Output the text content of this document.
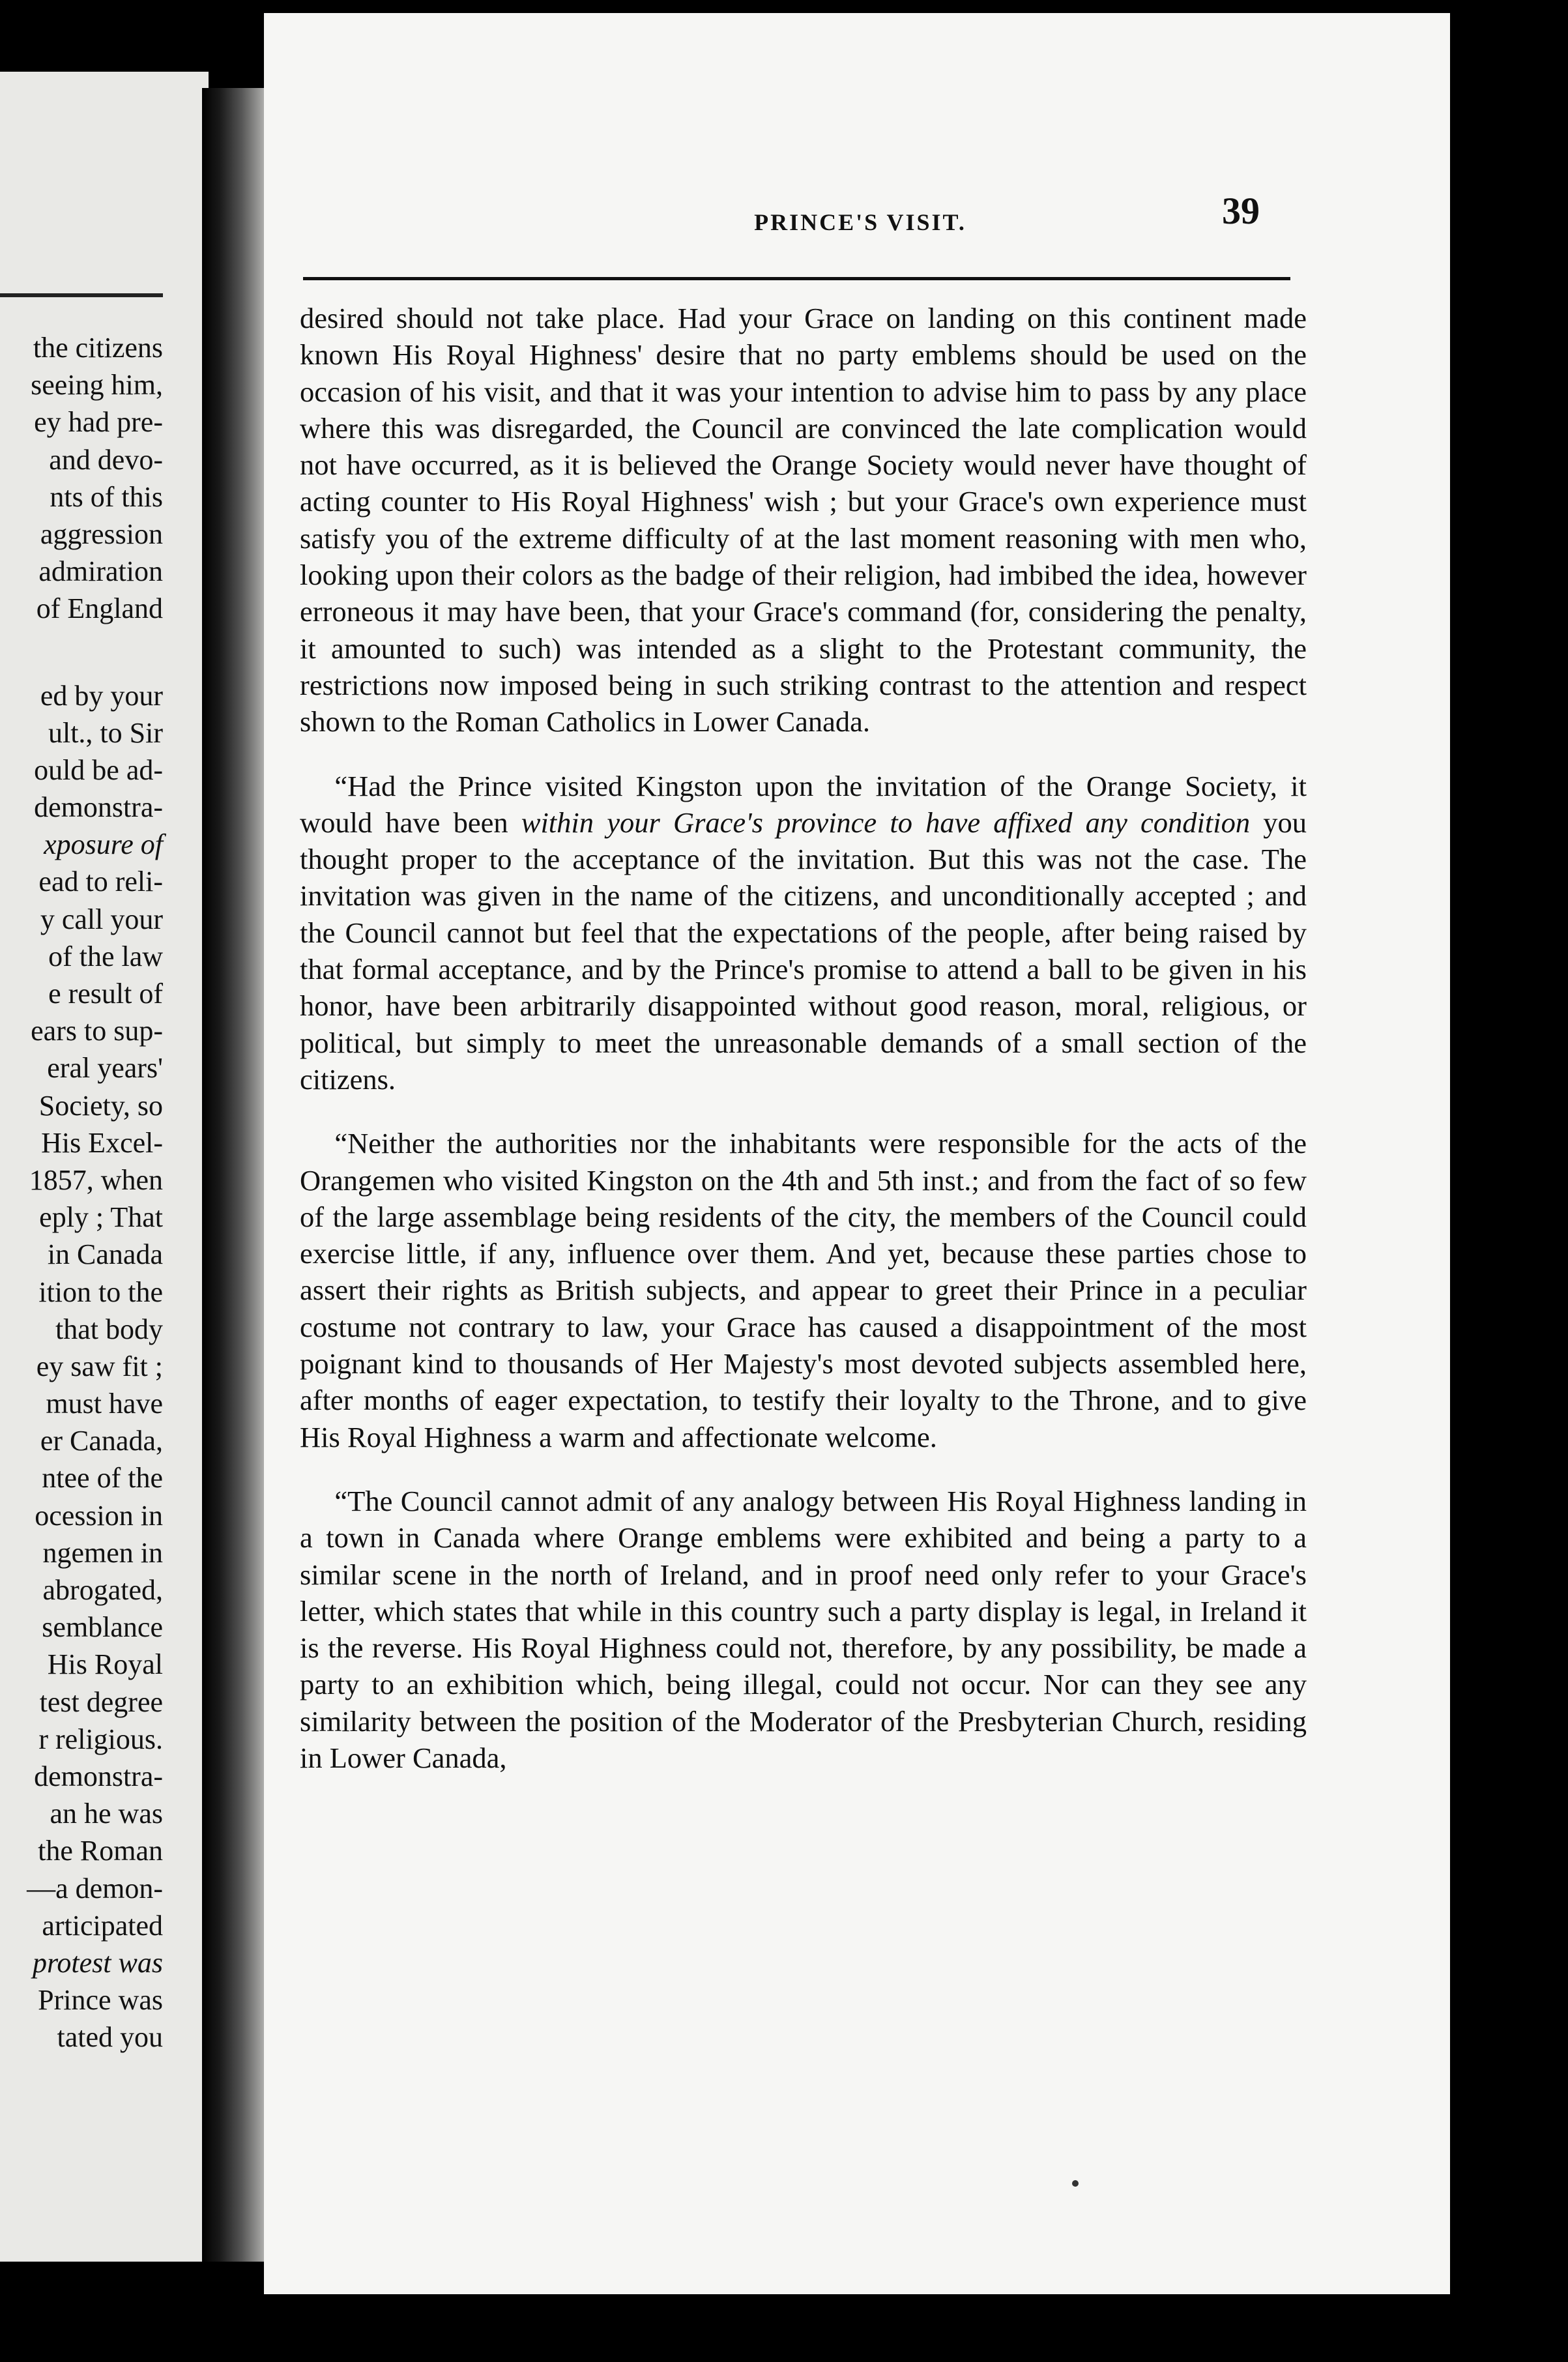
the citizens
seeing him,
ey had pre-
and devo-
nts of this
aggression
admiration
of England
ed by your
ult., to Sir
ould be ad-
demonstra-
xposure of
ead to reli-
y call your
of the law
e result of
ears to sup-
eral years'
Society, so
His Excel-
1857, when
eply ; That
in Canada
ition to the
that body
ey saw fit ;
must have
er Canada,
ntee of the
ocession in
ngemen in
abrogated,
semblance
His Royal
test degree
r religious.
demonstra-
an he was
the Roman
—a demon-
articipated
protest was
Prince was
tated you
PRINCE'S VISIT.	39

desired should not take place. Had your Grace on landing on this continent made known His Royal Highness' desire that no party emblems should be used on the occasion of his visit, and that it was your intention to advise him to pass by any place where this was disregarded, the Council are convinced the late complication would not have occurred, as it is believed the Orange Society would never have thought of acting counter to His Royal Highness' wish ; but your Grace's own experience must satisfy you of the extreme difficulty of at the last moment reasoning with men who, looking upon their colors as the badge of their religion, had imbibed the idea, however erroneous it may have been, that your Grace's command (for, considering the penalty, it amounted to such) was intended as a slight to the Protestant community, the restrictions now imposed being in such striking contrast to the attention and respect shown to the Roman Catholics in Lower Canada.

“Had the Prince visited Kingston upon the invitation of the Orange Society, it would have been within your Grace's province to have affixed any condition you thought proper to the acceptance of the invitation. But this was not the case. The invitation was given in the name of the citizens, and unconditionally accepted ; and the Council cannot but feel that the expectations of the people, after being raised by that formal acceptance, and by the Prince's promise to attend a ball to be given in his honor, have been arbitrarily disappointed without good reason, moral, religious, or political, but simply to meet the unreasonable demands of a small section of the citizens.

“Neither the authorities nor the inhabitants were responsible for the acts of the Orangemen who visited Kingston on the 4th and 5th inst.; and from the fact of so few of the large assemblage being residents of the city, the members of the Council could exercise little, if any, influence over them. And yet, because these parties chose to assert their rights as British subjects, and appear to greet their Prince in a peculiar costume not contrary to law, your Grace has caused a disappointment of the most poignant kind to thousands of Her Majesty's most devoted subjects assembled here, after months of eager expectation, to testify their loyalty to the Throne, and to give His Royal Highness a warm and affectionate welcome.

“The Council cannot admit of any analogy between His Royal Highness landing in a town in Canada where Orange emblems were exhibited and being a party to a similar scene in the north of Ireland, and in proof need only refer to your Grace's letter, which states that while in this country such a party display is legal, in Ireland it is the reverse. His Royal Highness could not, therefore, by any possibility, be made a party to an exhibition which, being illegal, could not occur. Nor can they see any similarity between the position of the Moderator of the Presbyterian Church, residing in Lower Canada,
